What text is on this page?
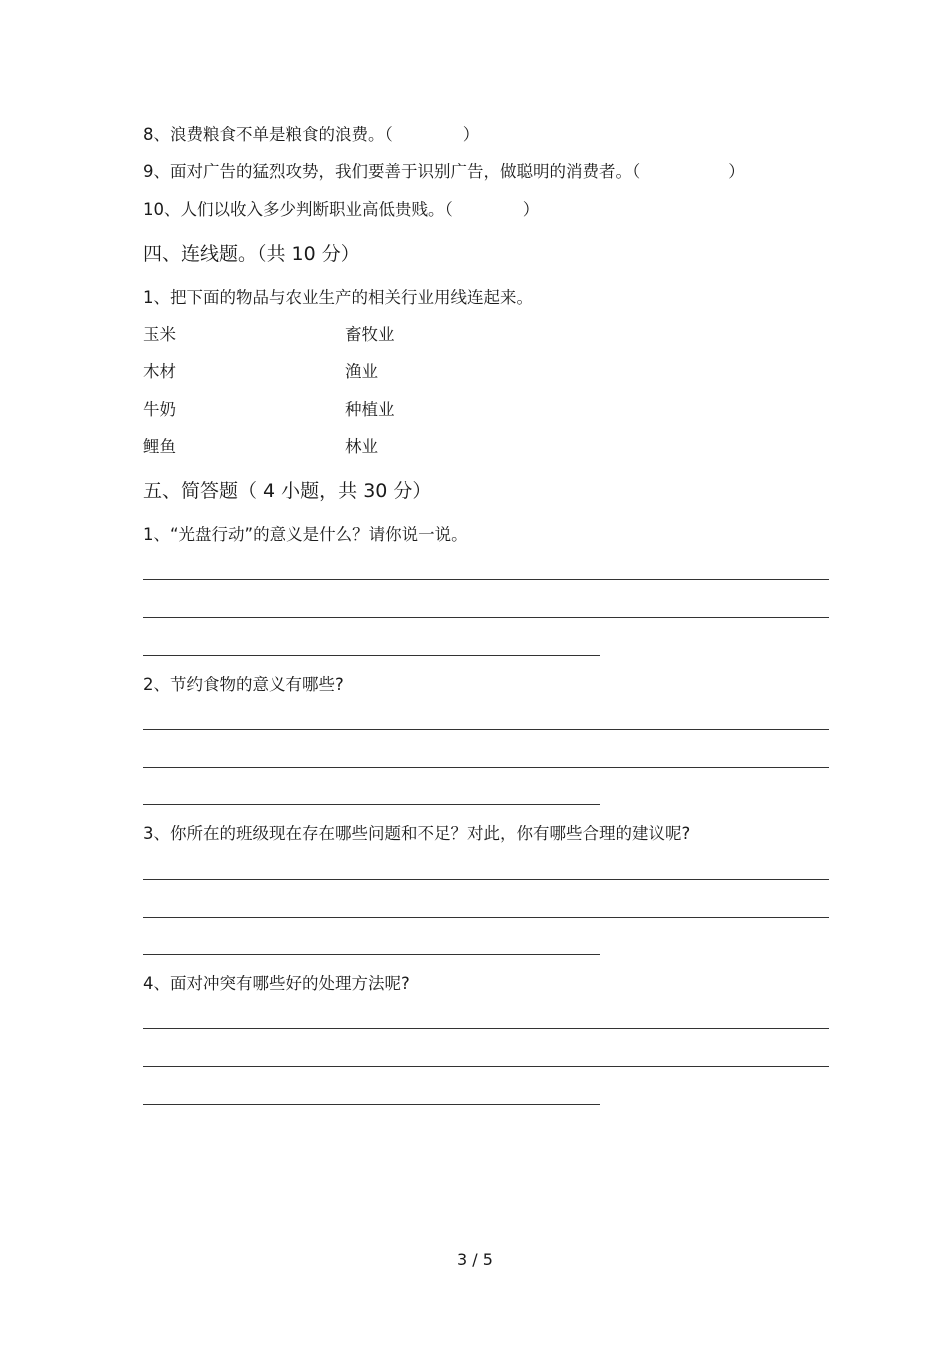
8、浪费粮食不单是粮食的浪费。（	）
9、面对广告的猛烈攻势，我们要善于识别广告，做聪明的消费者。（	）
10、人们以收入多少判断职业高低贵贱。（	）
四、连线题。（共 10 分）
1、把下面的物品与农业生产的相关行业用线连起来。
玉米	畜牧业
木材	渔业
牛奶	种植业
鲤鱼	林业
五、简答题（ 4 小题，共 30 分）
1、“光盘行动”的意义是什么？请你说一说。
2、节约食物的意义有哪些?
3、你所在的班级现在存在哪些问题和不足？对此，你有哪些合理的建议呢?
4、面对冲突有哪些好的处理方法呢?
3 / 5
